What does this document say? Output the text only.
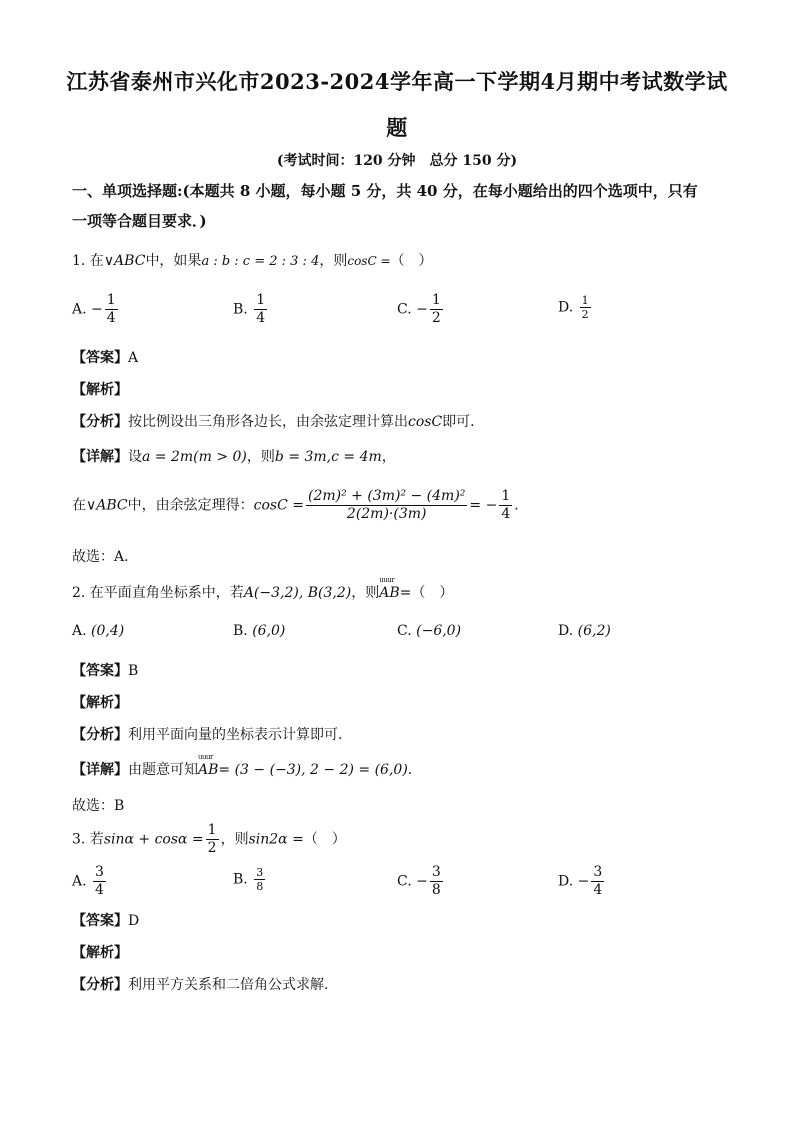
江苏省泰州市兴化市2023-2024学年高一下学期4月期中考试数学试
题
(考试时间：120 分钟　总分 150 分)
一、单项选择题:(本题共 8 小题，每小题 5 分，共 40 分，在每小题给出的四个选项中，只有
一项等合题目要求．)
1. 在∨ABC中，如果a : b : c = 2 : 3 : 4，则cosC =（　）
A. − $\frac{1}{4}$	B. $\frac{1}{4}$	C. − $\frac{1}{2}$	D. $\frac{1}{2}$
【答案】A
【解析】
【分析】按比例设出三角形各边长，由余弦定理计算出cosC即可.
【详解】设a = 2m(m > 0)，则b = 3m,c = 4m，
在∨ABC中，由余弦定理得：$\cos C = \frac{\text{(2m)² + (3m)² − (4m)²}}{2(2m)\cdot(3m)}$ = − $\frac{1}{4}$ .
故选：A.
2. 在平面直角坐标系中，若A(−3,2), B(3,2)，则uuur AB=（　）
A. (0,4)	B. (6,0)	C. (−6,0)	D. (6,2)
【答案】B
【解析】
【分析】利用平面向量的坐标表示计算即可.
【详解】由题意可知uuur AB= (3 − (−3), 2 − 2) = (6,0).
故选：B
3. 若$\sin\alpha + \cos\alpha = \frac{1}{2}$ ，则sin2α =（　）
A. $\frac{3}{4}$	B. $\frac{3}{8}$	C. − $\frac{3}{8}$	D. − $\frac{3}{4}$
【答案】D
【解析】
【分析】利用平方关系和二倍角公式求解.
